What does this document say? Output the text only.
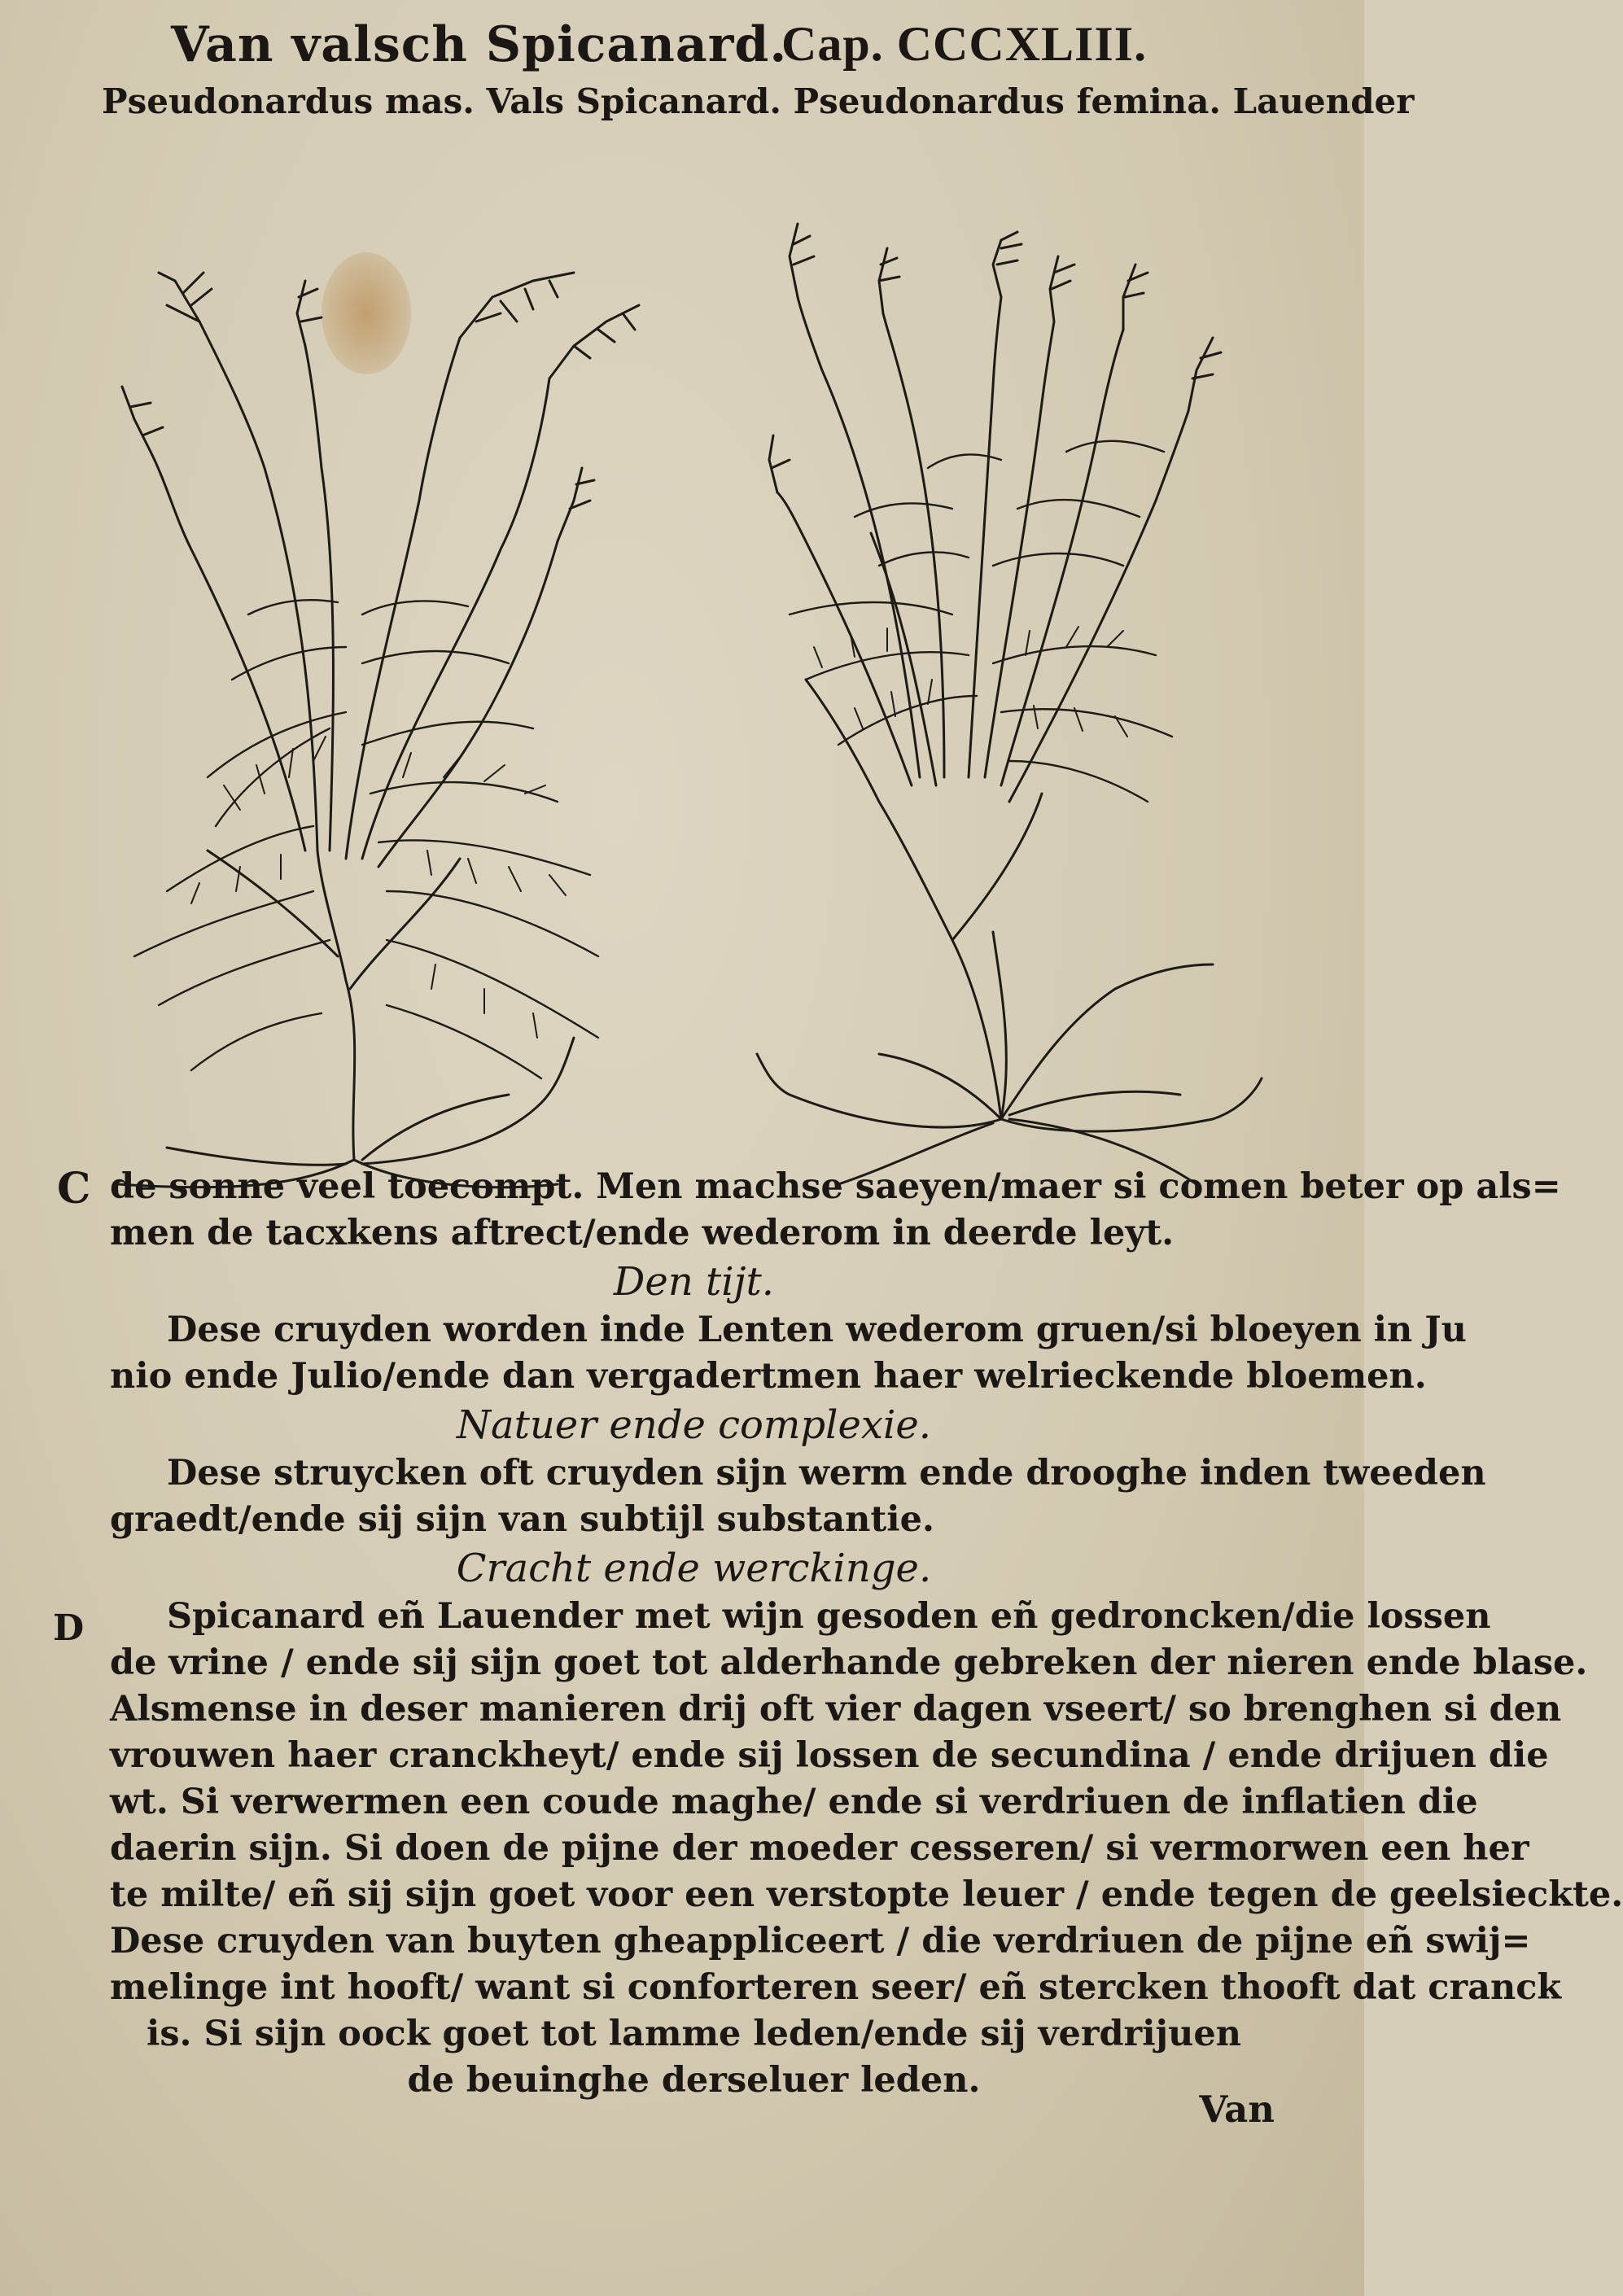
Van valsch Spicanard.
Cap. CCCXLIII.
Pseudonardus mas. Vals Spicanard. Pseudonardus femina. Lauender
C de sonne veel toecompt. Men machse saeyen/maer si comen beter op als=
men de tacxkens aftrect/ende wederom in deerde leyt.
Den tijt.
Dese cruyden worden inde Lenten wederom gruen/si bloeyen in Ju
nio ende Julio/ende dan vergadertmen haer welrieckende bloemen.
Natuer ende complexie.
Dese struycken oft cruyden sijn werm ende drooghe inden tweeden
graedt/ende sij sijn van subtijl substantie.
Cracht ende werckinge.
Spicanard eñ Lauender met wijn gesoden eñ gedroncken/die lossen
de vrine / ende sij sijn goet tot alderhande gebreken der nieren ende blase.
Alsmense in deser manieren drij oft vier dagen vseert/ so brenghen si den
vrouwen haer cranckheyt/ ende sij lossen de secundina / ende drijuen die
wt. Si verwermen een coude maghe/ ende si verdriuen de inflatien die
daerin sijn. Si doen de pijne der moeder cesseren/ si vermorwen een her
te milte/ eñ sij sijn goet voor een verstopte leuer / ende tegen de geelsieckte.
Dese cruyden van buyten gheappliceert / die verdriuen de pijne eñ swij=
melinge int hooft/ want si conforteren seer/ eñ stercken thooft dat cranck
is. Si sijn oock goet tot lamme leden/ende sij verdrijuen
de beuinghe derseluer leden.
D
Van
